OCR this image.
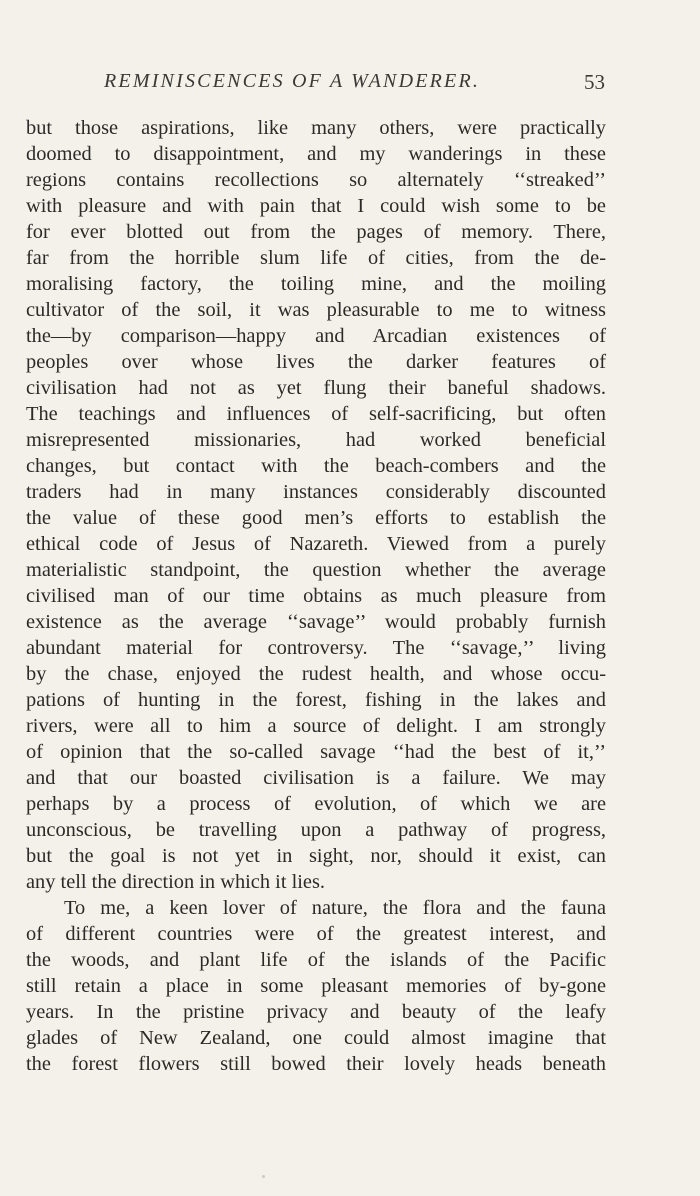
REMINISCENCES OF A WANDERER.	53
but those aspirations, like many others, were practically
doomed to disappointment, and my wanderings in these
regions contains recollections so alternately ‘‘streaked’’
with pleasure and with pain that I could wish some to be
for ever blotted out from the pages of memory. There,
far from the horrible slum life of cities, from the de-
moralising factory, the toiling mine, and the moiling
cultivator of the soil, it was pleasurable to me to witness
the—by comparison—happy and Arcadian existences of
peoples over whose lives the darker features of
civilisation had not as yet flung their baneful shadows.
The teachings and influences of self-sacrificing, but often
misrepresented missionaries, had worked beneficial
changes, but contact with the beach-combers and the
traders had in many instances considerably discounted
the value of these good men’s efforts to establish the
ethical code of Jesus of Nazareth. Viewed from a purely
materialistic standpoint, the question whether the average
civilised man of our time obtains as much pleasure from
existence as the average ‘‘savage’’ would probably furnish
abundant material for controversy. The ‘‘savage,’’ living
by the chase, enjoyed the rudest health, and whose occu-
pations of hunting in the forest, fishing in the lakes and
rivers, were all to him a source of delight. I am strongly
of opinion that the so-called savage ‘‘had the best of it,’’
and that our boasted civilisation is a failure. We may
perhaps by a process of evolution, of which we are
unconscious, be travelling upon a pathway of progress,
but the goal is not yet in sight, nor, should it exist, can
any tell the direction in which it lies.
To me, a keen lover of nature, the flora and the fauna
of different countries were of the greatest interest, and
the woods, and plant life of the islands of the Pacific
still retain a place in some pleasant memories of by-gone
years. In the pristine privacy and beauty of the leafy
glades of New Zealand, one could almost imagine that
the forest flowers still bowed their lovely heads beneath
